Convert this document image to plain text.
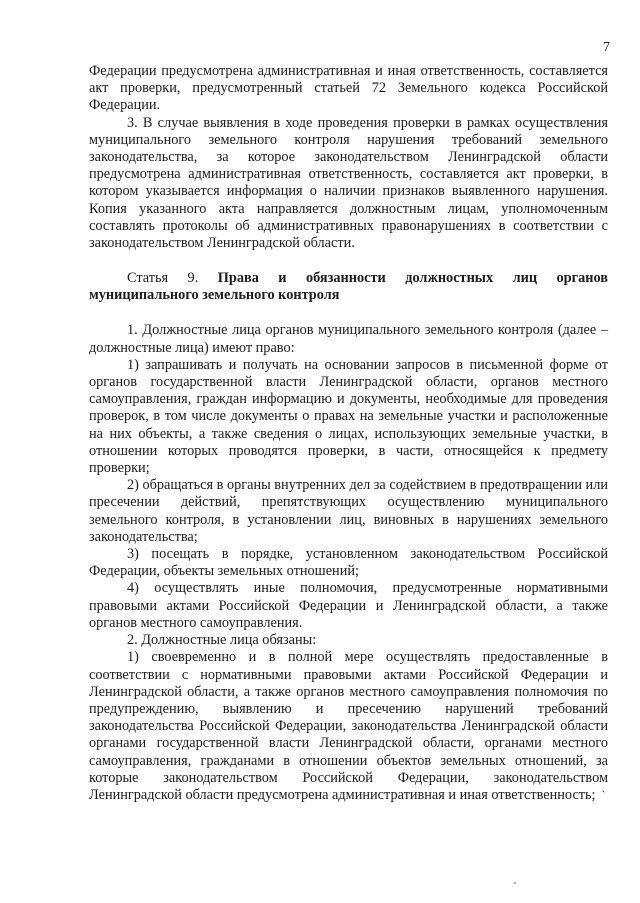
7

Федерации предусмотрена административная и иная ответственность, составляется акт проверки, предусмотренный статьей 72 Земельного кодекса Российской Федерации.

3. В случае выявления в ходе проведения проверки в рамках осуществления муниципального земельного контроля нарушения требований земельного законодательства, за которое законодательством Ленинградской области предусмотрена административная ответственность, составляется акт проверки, в котором указывается информация о наличии признаков выявленного нарушения. Копия указанного акта направляется должностным лицам, уполномоченным составлять протоколы об административных правонарушениях в соответствии с законодательством Ленинградской области.

Статья 9. Права и обязанности должностных лиц органов муниципального земельного контроля

1. Должностные лица органов муниципального земельного контроля (далее – должностные лица) имеют право:

1) запрашивать и получать на основании запросов в письменной форме от органов государственной власти Ленинградской области, органов местного самоуправления, граждан информацию и документы, необходимые для проведения проверок, в том числе документы о правах на земельные участки и расположенные на них объекты, а также сведения о лицах, использующих земельные участки, в отношении которых проводятся проверки, в части, относящейся к предмету проверки;

2) обращаться в органы внутренних дел за содействием в предотвращении или пресечении действий, препятствующих осуществлению муниципального земельного контроля, в установлении лиц, виновных в нарушениях земельного законодательства;

3) посещать в порядке, установленном законодательством Российской Федерации, объекты земельных отношений;

4) осуществлять иные полномочия, предусмотренные нормативными правовыми актами Российской Федерации и Ленинградской области, а также органов местного самоуправления.

2. Должностные лица обязаны:

1) своевременно и в полной мере осуществлять предоставленные в соответствии с нормативными правовыми актами Российской Федерации и Ленинградской области, а также органов местного самоуправления полномочия по предупреждению, выявлению и пресечению нарушений требований законодательства Российской Федерации, законодательства Ленинградской области органами государственной власти Ленинградской области, органами местного самоуправления, гражданами в отношении объектов земельных отношений, за которые законодательством Российской Федерации, законодательством Ленинградской области предусмотрена административная и иная ответственность; `
